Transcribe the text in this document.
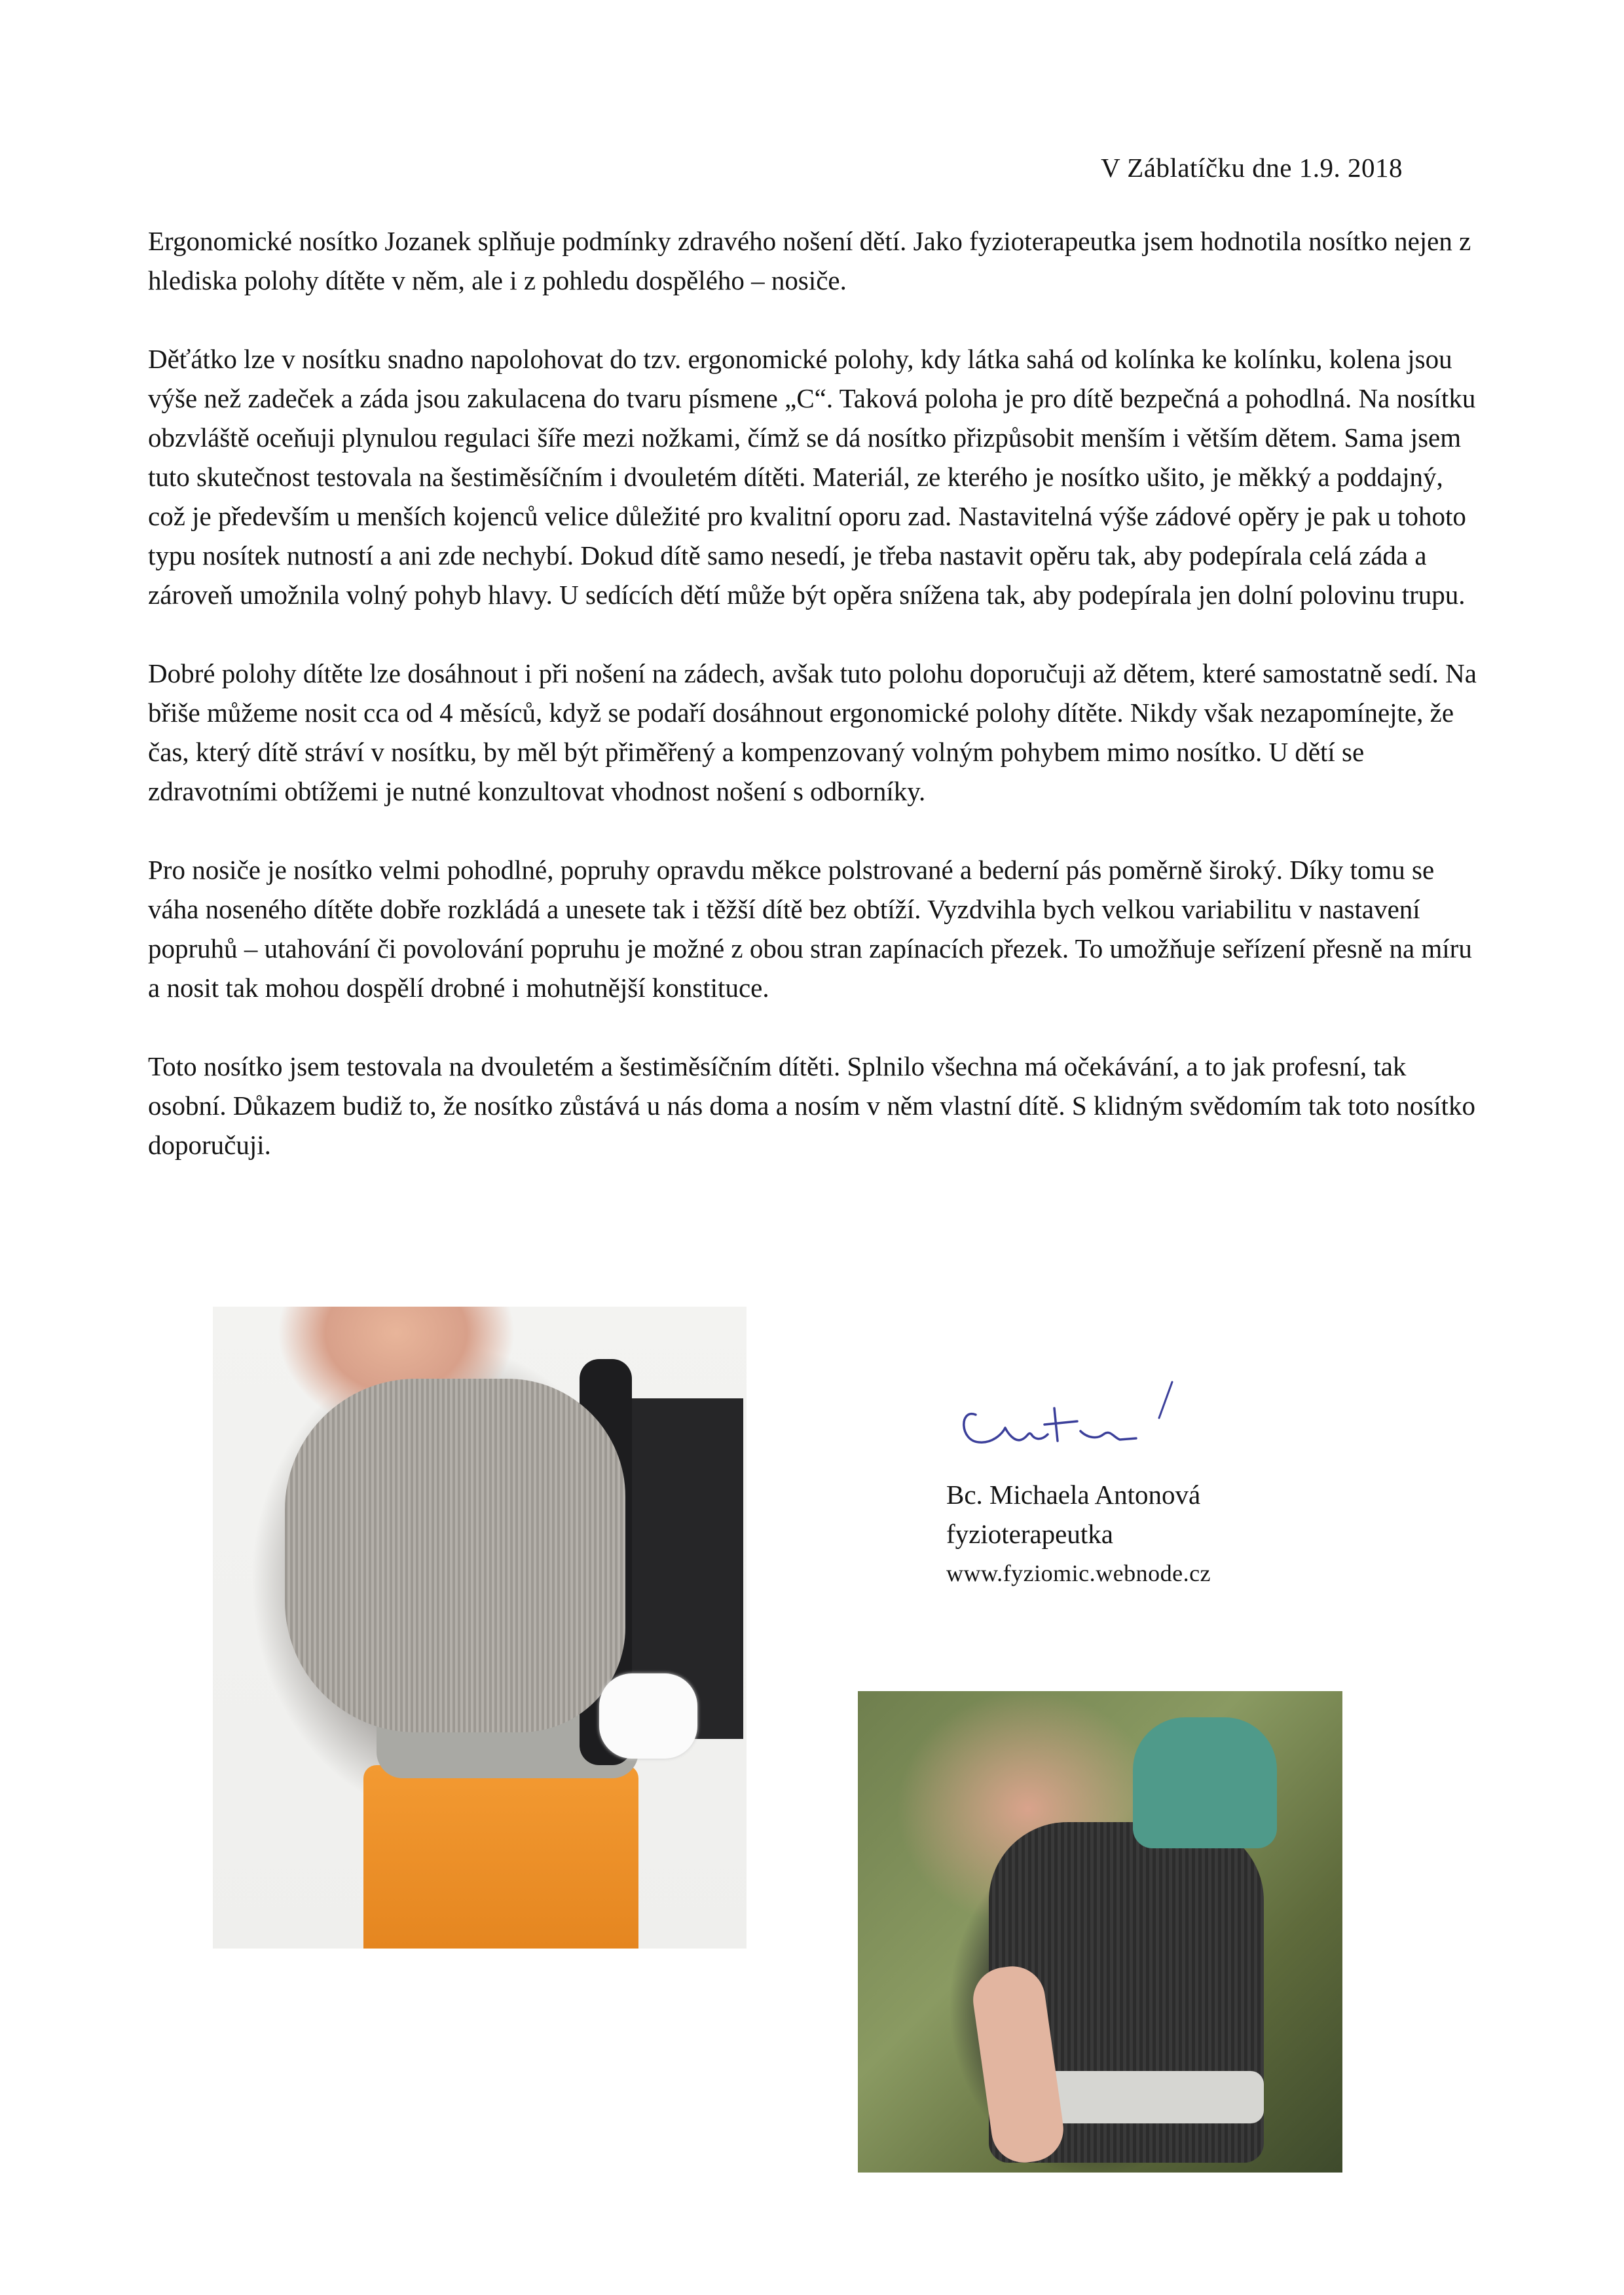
V Záblatíčku dne 1.9. 2018

Ergonomické nosítko Jozanek splňuje podmínky zdravého nošení dětí. Jako fyzioterapeutka jsem hodnotila nosítko nejen z hlediska polohy dítěte v něm, ale i z pohledu dospělého – nosiče.

Děťátko lze v nosítku snadno napolohovat do tzv. ergonomické polohy, kdy látka sahá od kolínka ke kolínku, kolena jsou výše než zadeček a záda jsou zakulacena do tvaru písmene „C“. Taková poloha je pro dítě bezpečná a pohodlná. Na nosítku obzvláště oceňuji plynulou regulaci šíře mezi nožkami, čímž se dá nosítko přizpůsobit menším i větším dětem. Sama jsem tuto skutečnost testovala na šestiměsíčním i dvouletém dítěti. Materiál, ze kterého je nosítko ušito, je měkký a poddajný, což je především u menších kojenců velice důležité pro kvalitní oporu zad. Nastavitelná výše zádové opěry je pak u tohoto typu nosítek nutností a ani zde nechybí. Dokud dítě samo nesedí, je třeba nastavit opěru tak, aby podepírala celá záda a zároveň umožnila volný pohyb hlavy. U sedících dětí může být opěra snížena tak, aby podepírala jen dolní polovinu trupu.

Dobré polohy dítěte lze dosáhnout i při nošení na zádech, avšak tuto polohu doporučuji až dětem, které samostatně sedí. Na břiše můžeme nosit cca od 4 měsíců, když se podaří dosáhnout ergonomické polohy dítěte. Nikdy však nezapomínejte, že čas, který dítě stráví v nosítku, by měl být přiměřený a kompenzovaný volným pohybem mimo nosítko. U dětí se zdravotními obtížemi je nutné konzultovat vhodnost nošení s odborníky.

Pro nosiče je nosítko velmi pohodlné, popruhy opravdu měkce polstrované a bederní pás poměrně široký. Díky tomu se váha noseného dítěte dobře rozkládá a unesete tak i těžší dítě bez obtíží. Vyzdvihla bych velkou variabilitu v nastavení popruhů – utahování či povolování popruhu je možné z obou stran zapínacích přezek. To umožňuje seřízení přesně na míru a nosit tak mohou dospělí drobné i mohutnější konstituce.

Toto nosítko jsem testovala na dvouletém a šestiměsíčním dítěti. Splnilo všechna má očekávání, a to jak profesní, tak osobní. Důkazem budiž to, že nosítko zůstává u nás doma a nosím v něm vlastní dítě. S klidným svědomím tak toto nosítko doporučuji.

Bc. Michaela Antonová
fyzioterapeutka
www.fyziomic.webnode.cz
